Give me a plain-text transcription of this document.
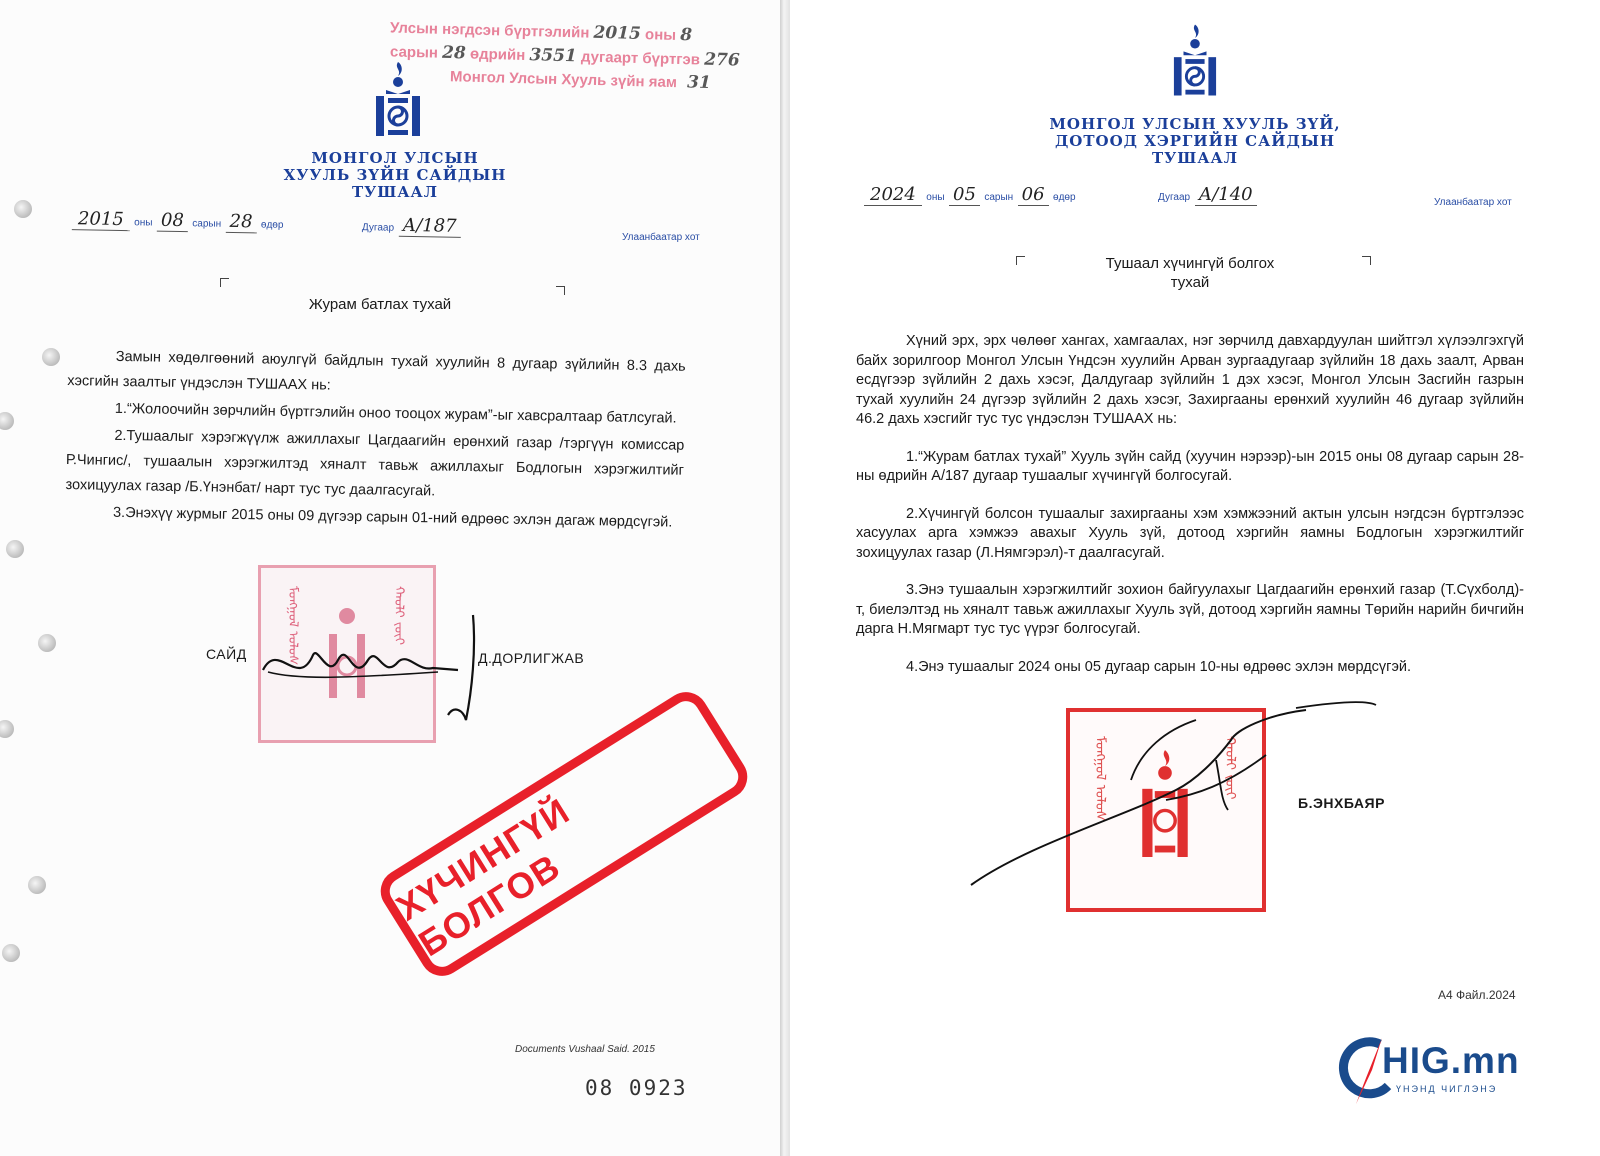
Улсын нэгдсэн бүртгэлийн 2015 оны 8
сарын 28 өдрийн 3551 дугаарт бүртгэв 276
Монгол Улсын Хууль зүйн яам 31
МОНГОЛ УЛСЫН
ХУУЛЬ ЗҮЙН САЙДЫН
ТУШААЛ
2015 оны 08 сарын 28 өдөр	Дугаар А/187
Улаанбаатар хот
Журам батлах тухай

Замын хөдөлгөөний аюулгүй байдлын тухай хуулийн 8 дугаар зүйлийн 8.3 дахь хэсгийн заалтыг үндэслэн ТУШААХ нь:

1.“Жолоочийн зөрчлийн бүртгэлийн оноо тооцох журам”-ыг хавсралтаар батлсугай.

2.Тушаалыг хэрэгжүүлж ажиллахыг Цагдаагийн ерөнхий газар /тэргүүн комиссар Р.Чингис/, тушаалын хэрэгжилтэд хяналт тавьж ажиллахыг Бодлогын хэрэгжилтийг зохицуулах газар /Б.Үнэнбат/ нарт тус тус даалгасугай.

3.Энэхүү журмыг 2015 оны 09 дүгээр сарын 01-ний өдрөөс эхлэн дагаж мөрдсүгэй.

ᠮᠣᠩᠭᠣᠯ ᠤᠯᠤᠰ	ᠬᠠᠤᠯᠢ ᠵᠦᠢ
САЙД	Д.ДОРЛИГЖАВ
ХҮЧИНГҮЙ БОЛГОВ
Documents Vushaal Said. 2015
08 0923
МОНГОЛ УЛСЫН ХУУЛЬ ЗҮЙ,
ДОТООД ХЭРГИЙН САЙДЫН
ТУШААЛ
2024 оны 05 сарын 06 өдөр	Дугаар А/140	Улаанбаатар хот
Тушаал хүчингүй болгох
тухай

Хүний эрх, эрх чөлөөг хангах, хамгаалах, нэг зөрчилд давхардуулан шийтгэл хүлээлгэхгүй байх зорилгоор Монгол Улсын Үндсэн хуулийн Арван зургаадугаар зүйлийн 18 дахь заалт, Арван есдүгээр зүйлийн 2 дахь хэсэг, Далдугаар зүйлийн 1 дэх хэсэг, Монгол Улсын Засгийн газрын тухай хуулийн 24 дүгээр зүйлийн 2 дахь хэсэг, Захиргааны ерөнхий хуулийн 46 дугаар зүйлийн 46.2 дахь хэсгийг тус тус үндэслэн ТУШААХ нь:

1.“Журам батлах тухай” Хууль зүйн сайд (хуучин нэрээр)-ын 2015 оны 08 дугаар сарын 28-ны өдрийн А/187 дугаар тушаалыг хүчингүй болгосугай.

2.Хүчингүй болсон тушаалыг захиргааны хэм хэмжээний актын улсын нэгдсэн бүртгэлээс хасуулах арга хэмжээ авахыг Хууль зүй, дотоод хэргийн яамны Бодлогын хэрэгжилтийг зохицуулах газар (Л.Нямгэрэл)-т даалгасугай.

3.Энэ тушаалын хэрэгжилтийг зохион байгуулахыг Цагдаагийн ерөнхий газар (Т.Сүхболд)-т, биелэлтэд нь хяналт тавьж ажиллахыг Хууль зүй, дотоод хэргийн яамны Төрийн нарийн бичгийн дарга Н.Мягмарт тус тус үүрэг болгосугай.

4.Энэ тушаалыг 2024 оны 05 дугаар сарын 10-ны өдрөөс эхлэн мөрдсүгэй.

ᠮᠣᠩᠭᠣᠯ ᠤᠯᠤᠰ	ᠬᠠᠤᠯᠢ ᠵᠦᠢ
Б.ЭНХБАЯР
А4 Файл.2024
HIG.mn
ҮНЭНД ЧИГЛЭНЭ
